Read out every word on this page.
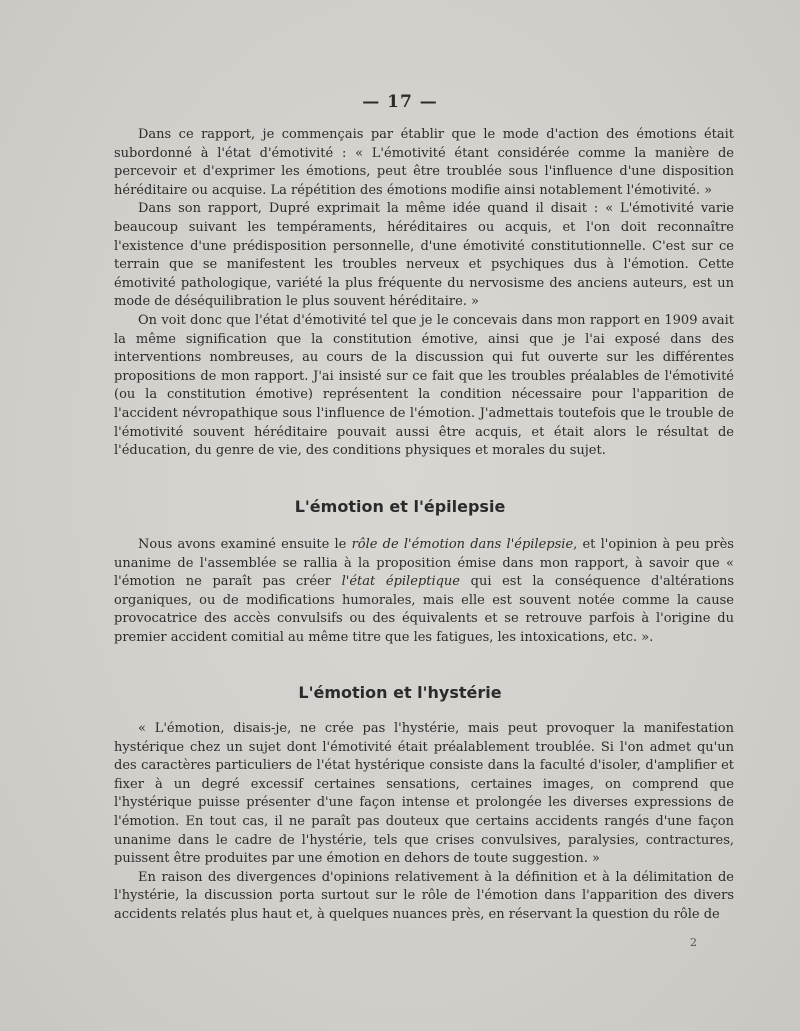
— 17 —

Dans ce rapport, je commençais par établir que le mode d'action des émotions était subordonné à l'état d'émotivité : « L'émotivité étant considérée comme la manière de percevoir et d'exprimer les émotions, peut être troublée sous l'influence d'une disposition héréditaire ou acquise. La répétition des émotions modifie ainsi notablement l'émotivité. »

Dans son rapport, Dupré exprimait la même idée quand il disait : « L'émotivité varie beaucoup suivant les tempéraments, héréditaires ou acquis, et l'on doit reconnaître l'existence d'une prédisposition personnelle, d'une émotivité constitutionnelle. C'est sur ce terrain que se manifestent les troubles nerveux et psychiques dus à l'émotion. Cette émotivité pathologique, variété la plus fréquente du nervosisme des anciens auteurs, est un mode de déséquilibration le plus souvent héréditaire. »

On voit donc que l'état d'émotivité tel que je le concevais dans mon rapport en 1909 avait la même signification que la constitution émotive, ainsi que je l'ai exposé dans des interventions nombreuses, au cours de la discussion qui fut ouverte sur les différentes propositions de mon rapport. J'ai insisté sur ce fait que les troubles préalables de l'émotivité (ou la constitution émotive) représentent la condition nécessaire pour l'apparition de l'accident névropathique sous l'influence de l'émotion. J'admettais toutefois que le trouble de l'émotivité souvent héréditaire pouvait aussi être acquis, et était alors le résultat de l'éducation, du genre de vie, des conditions physiques et morales du sujet.

L'émotion et l'épilepsie

Nous avons examiné ensuite le rôle de l'émotion dans l'épilepsie, et l'opinion à peu près unanime de l'assemblée se rallia à la proposition émise dans mon rapport, à savoir que « l'émotion ne paraît pas créer l'état épileptique qui est la conséquence d'altérations organiques, ou de modifications humorales, mais elle est souvent notée comme la cause provocatrice des accès convulsifs ou des équivalents et se retrouve parfois à l'origine du premier accident comitial au même titre que les fatigues, les intoxications, etc. ».

L'émotion et l'hystérie

« L'émotion, disais-je, ne crée pas l'hystérie, mais peut provoquer la manifestation hystérique chez un sujet dont l'émotivité était préalablement troublée. Si l'on admet qu'un des caractères particuliers de l'état hystérique consiste dans la faculté d'isoler, d'amplifier et fixer à un degré excessif certaines sensations, certaines images, on comprend que l'hystérique puisse présenter d'une façon intense et prolongée les diverses expressions de l'émotion. En tout cas, il ne paraît pas douteux que certains accidents rangés d'une façon unanime dans le cadre de l'hystérie, tels que crises convulsives, paralysies, contractures, puissent être produites par une émotion en dehors de toute suggestion. »

En raison des divergences d'opinions relativement à la définition et à la délimitation de l'hystérie, la discussion porta surtout sur le rôle de l'émotion dans l'apparition des divers accidents relatés plus haut et, à quelques nuances près, en réservant la question du rôle de

2
